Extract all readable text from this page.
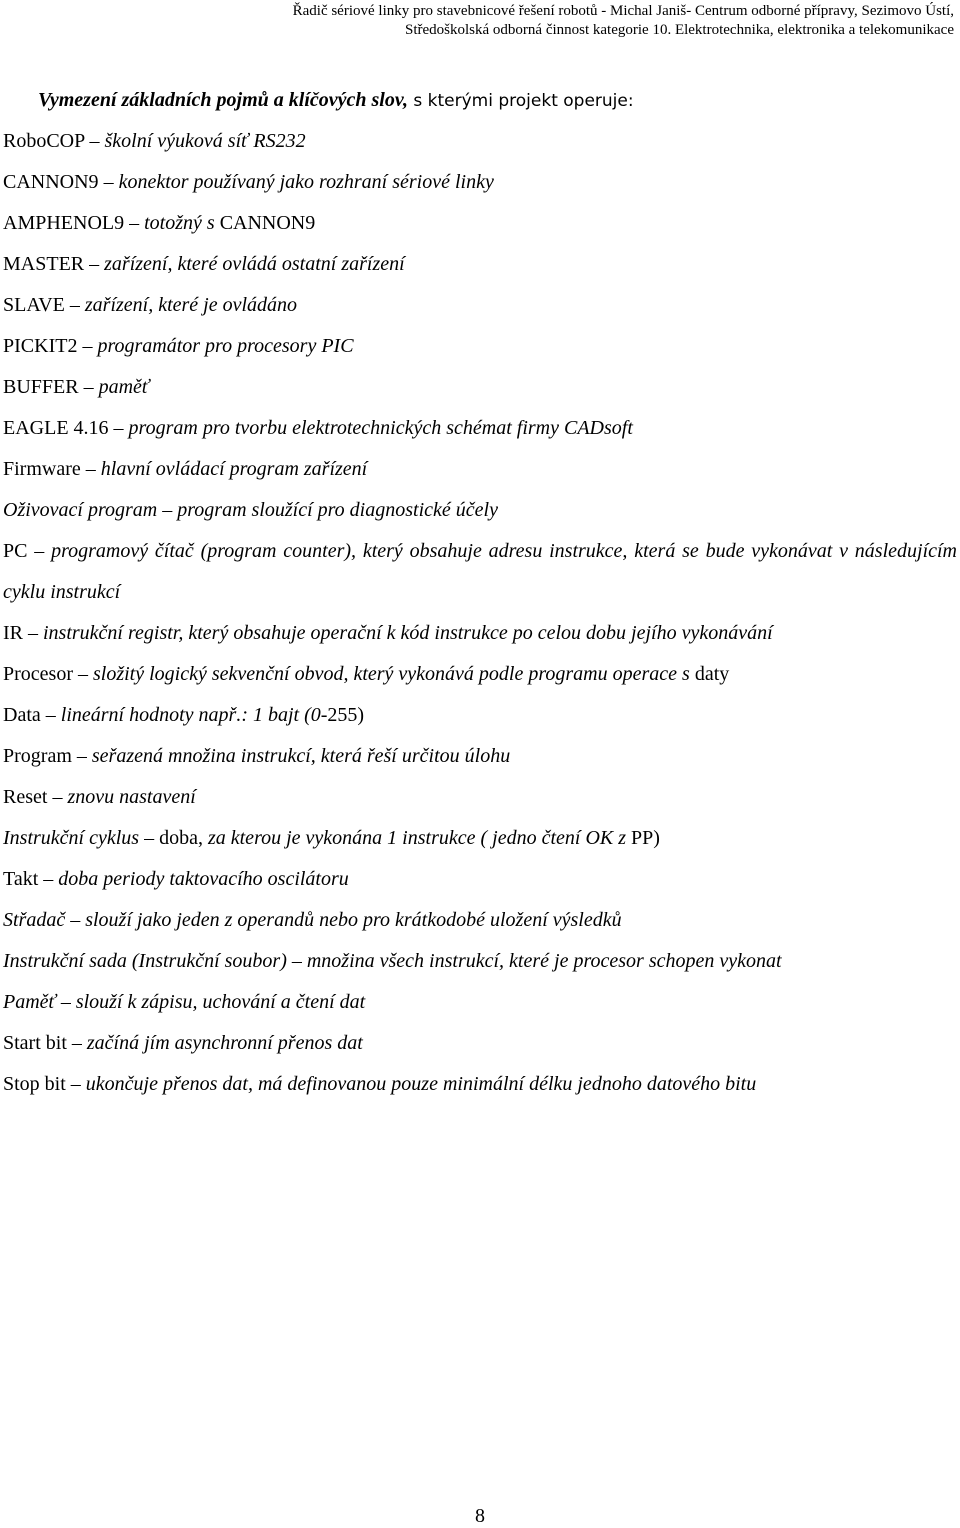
Řadič sériové linky pro stavebnicové řešení robotů - Michal Janiš- Centrum odborné přípravy, Sezimovo Ústí,
Středoškolská odborná činnost kategorie 10. Elektrotechnika, elektronika a telekomunikace
Vymezení základních pojmů a klíčových slov, s kterými projekt operuje:
RoboCOP – školní výuková síť RS232
CANNON9 – konektor používaný jako rozhraní sériové linky
AMPHENOL9 – totožný s CANNON9
MASTER – zařízení, které ovládá ostatní zařízení
SLAVE – zařízení, které je ovládáno
PICKIT2 – programátor pro procesory PIC
BUFFER – paměť
EAGLE 4.16 – program pro tvorbu elektrotechnických schémat firmy CADsoft
Firmware – hlavní ovládací program zařízení
Oživovací program – program sloužící pro diagnostické účely
PC – programový čítač (program counter), který obsahuje adresu instrukce, která se bude vykonávat v následujícím cyklu instrukcí
IR – instrukční registr, který obsahuje operační k kód instrukce po celou dobu jejího vykonávání
Procesor – složitý logický sekvenční obvod, který vykonává podle programu operace s daty
Data – lineární hodnoty např.: 1 bajt (0-255)
Program – seřazená množina instrukcí, která řeší určitou úlohu
Reset – znovu nastavení
Instrukční cyklus – doba, za kterou je vykonána 1 instrukce ( jedno čtení OK z PP)
Takt – doba periody taktovacího oscilátoru
Střadač – slouží jako jeden z operandů nebo pro krátkodobé uložení výsledků
Instrukční sada (Instrukční soubor) – množina všech instrukcí, které je procesor schopen vykonat
Paměť – slouží k zápisu, uchování a čtení dat
Start bit – začíná jím asynchronní přenos dat
Stop bit – ukončuje přenos dat, má definovanou pouze minimální délku jednoho datového bitu
8
